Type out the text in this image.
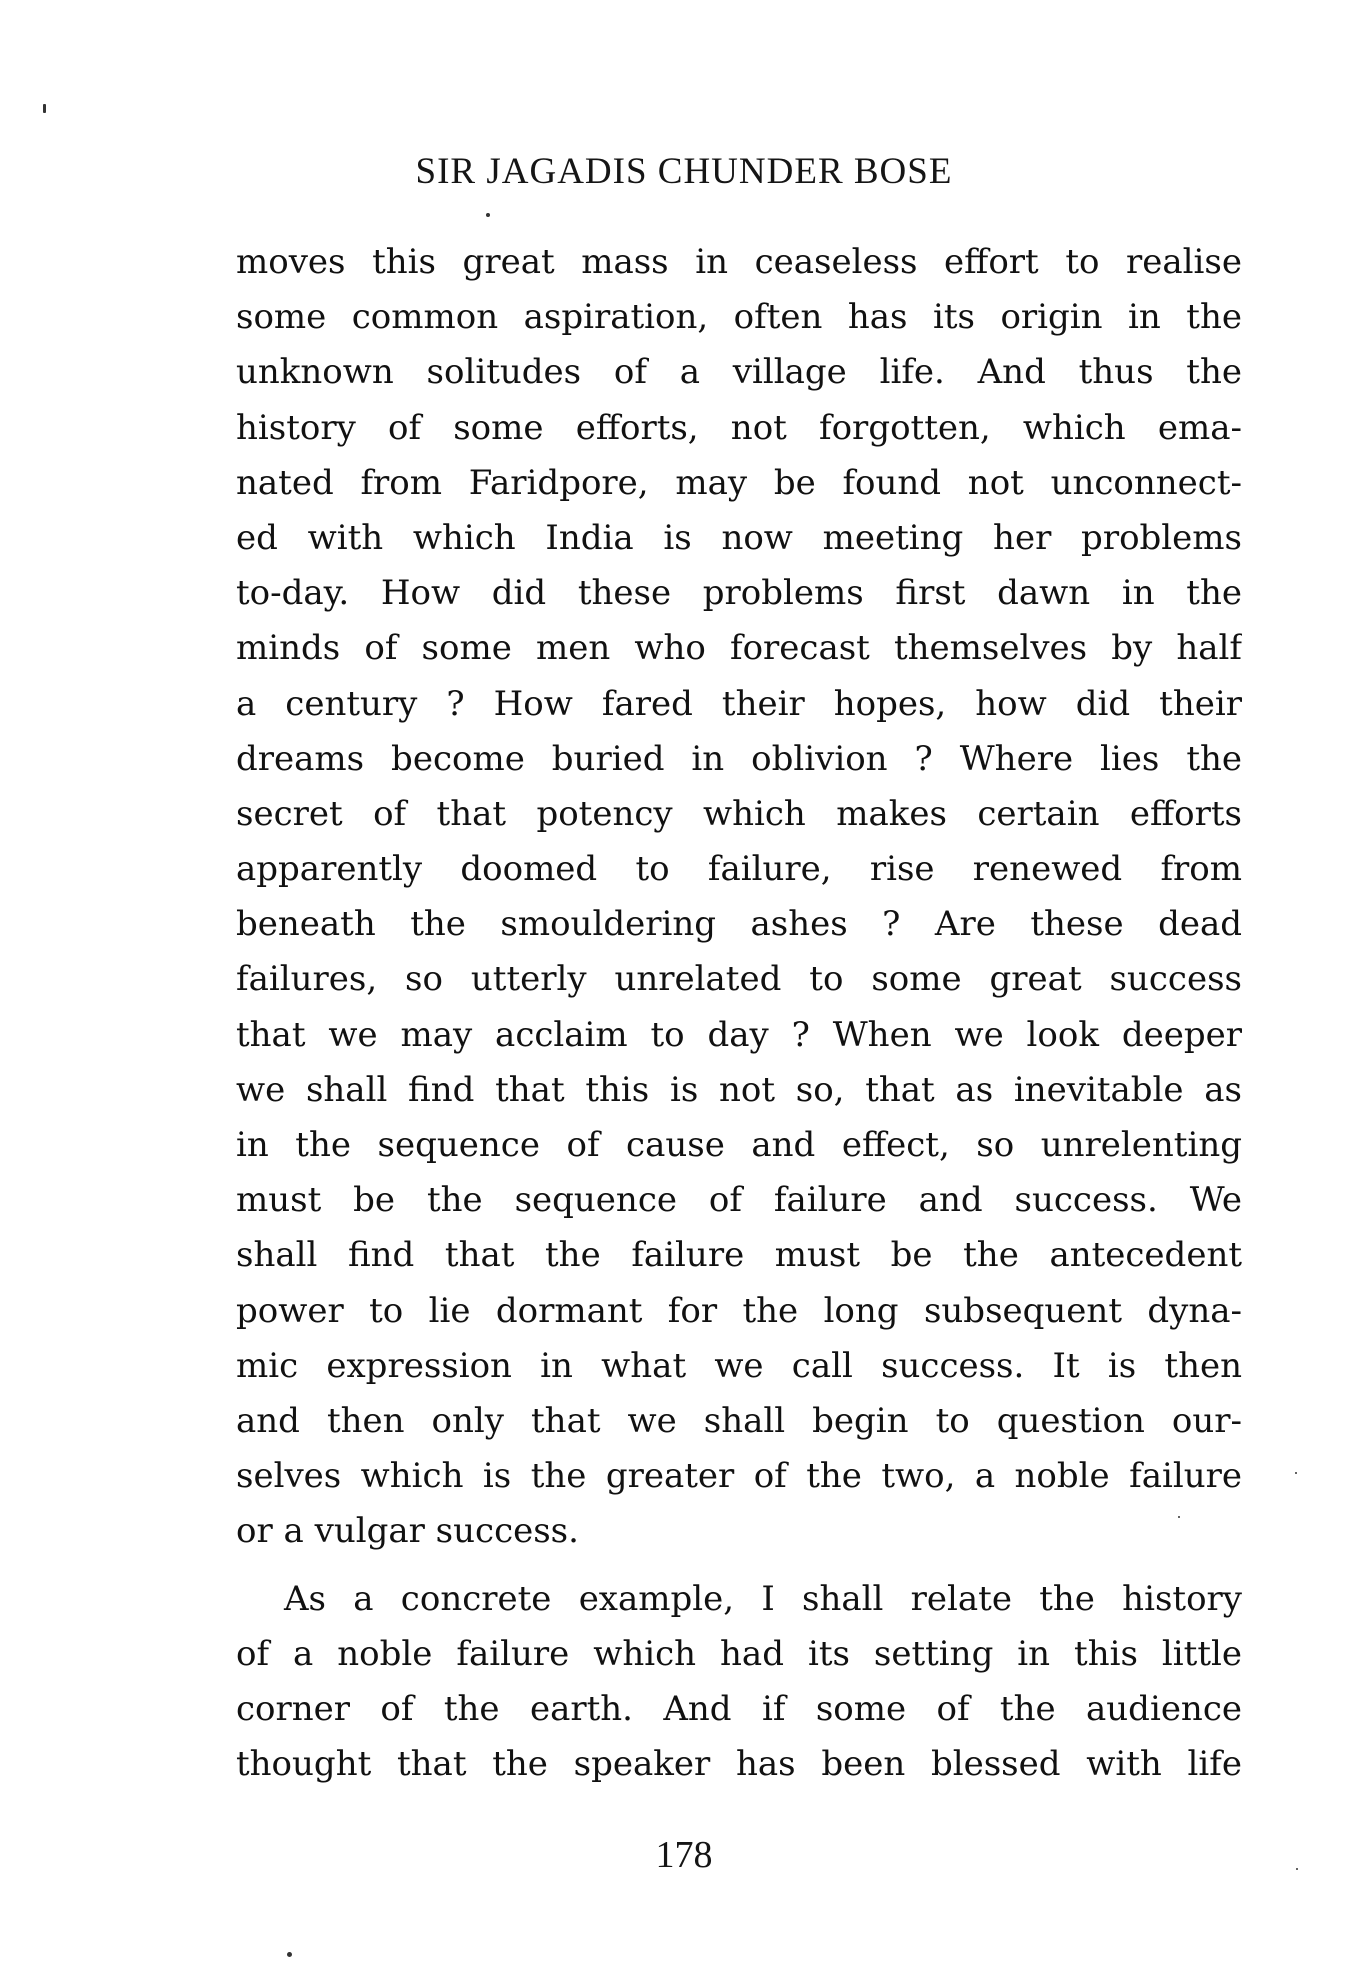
SIR JAGADIS CHUNDER BOSE
moves this great mass in ceaseless effort to realise
some common aspiration, often has its origin in the
unknown solitudes of a village life. And thus the
history of some efforts, not forgotten, which ema-
nated from Faridpore, may be found not unconnect-
ed with which India is now meeting her problems
to-day. How did these problems first dawn in the
minds of some men who forecast themselves by half
a century ? How fared their hopes, how did their
dreams become buried in oblivion ? Where lies the
secret of that potency which makes certain efforts
apparently doomed to failure, rise renewed from
beneath the smouldering ashes ? Are these dead
failures, so utterly unrelated to some great success
that we may acclaim to day ? When we look deeper
we shall find that this is not so, that as inevitable as
in the sequence of cause and effect, so unrelenting
must be the sequence of failure and success. We
shall find that the failure must be the antecedent
power to lie dormant for the long subsequent dyna-
mic expression in what we call success. It is then
and then only that we shall begin to question our-
selves which is the greater of the two, a noble failure
or a vulgar success.
As a concrete example, I shall relate the history
of a noble failure which had its setting in this little
corner of the earth. And if some of the audience
thought that the speaker has been blessed with life
178
